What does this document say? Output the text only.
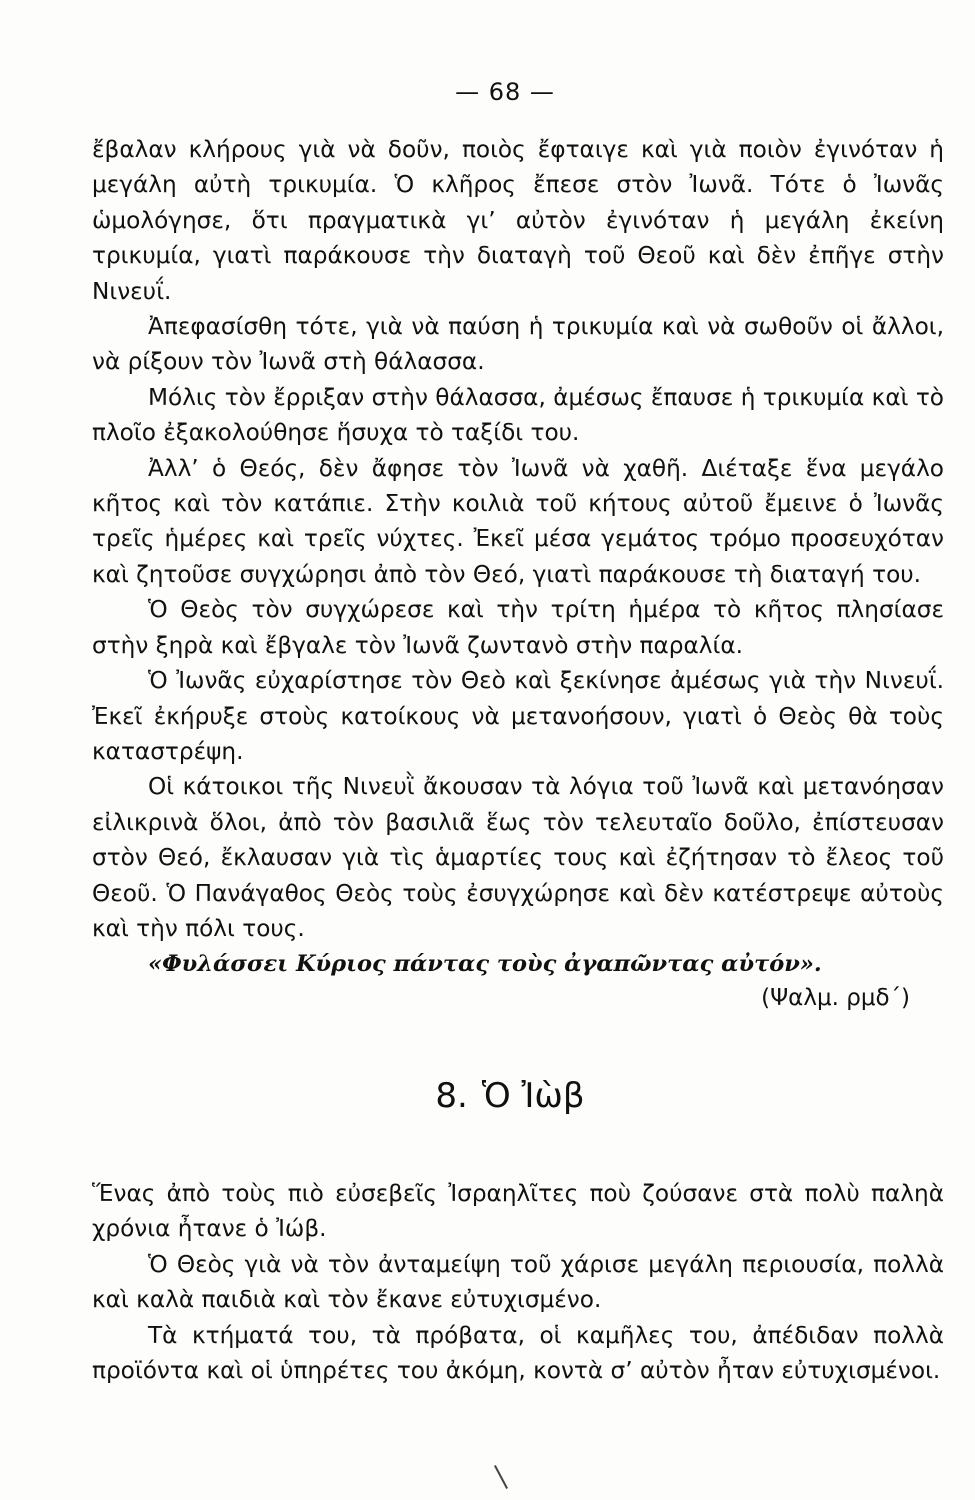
— 68 —

ἔβαλαν κλήρους γιὰ νὰ δοῦν, ποιὸς ἔφταιγε καὶ γιὰ ποιὸν ἐγινόταν ἡ μεγάλη αὐτὴ τρικυμία. Ὁ κλῆρος ἔπεσε στὸν Ἰωνᾶ. Τότε ὁ Ἰωνᾶς ὡμολόγησε, ὅτι πραγματικὰ γι’ αὐτὸν ἐγινόταν ἡ μεγάλη ἐκείνη τρικυμία, γιατὶ παράκουσε τὴν διαταγὴ τοῦ Θεοῦ καὶ δὲν ἐπῆγε στὴν Νινευΐ.

Ἀπεφασίσθη τότε, γιὰ νὰ παύση ἡ τρικυμία καὶ νὰ σωθοῦν οἱ ἄλλοι, νὰ ρίξουν τὸν Ἰωνᾶ στὴ θάλασσα.

Μόλις τὸν ἔρριξαν στὴν θάλασσα, ἀμέσως ἔπαυσε ἡ τρικυμία καὶ τὸ πλοῖο ἐξακολούθησε ἥσυχα τὸ ταξίδι του.

Ἀλλ’ ὁ Θεός, δὲν ἄφησε τὸν Ἰωνᾶ νὰ χαθῆ. Διέταξε ἕνα μεγάλο κῆτος καὶ τὸν κατάπιε. Στὴν κοιλιὰ τοῦ κήτους αὐτοῦ ἔμεινε ὁ Ἰωνᾶς τρεῖς ἡμέρες καὶ τρεῖς νύχτες. Ἐκεῖ μέσα γεμάτος τρόμο προσευχόταν καὶ ζητοῦσε συγχώρησι ἀπὸ τὸν Θεό, γιατὶ παράκουσε τὴ διαταγή του.

Ὁ Θεὸς τὸν συγχώρεσε καὶ τὴν τρίτη ἡμέρα τὸ κῆτος πλησίασε στὴν ξηρὰ καὶ ἔβγαλε τὸν Ἰωνᾶ ζωντανὸ στὴν παραλία.

Ὁ Ἰωνᾶς εὐχαρίστησε τὸν Θεὸ καὶ ξεκίνησε ἀμέσως γιὰ τὴν Νινευΐ. Ἐκεῖ ἐκήρυξε στοὺς κατοίκους νὰ μετανοήσουν, γιατὶ ὁ Θεὸς θὰ τοὺς καταστρέψη.

Οἱ κάτοικοι τῆς Νινευῒ ἄκουσαν τὰ λόγια τοῦ Ἰωνᾶ καὶ μετανόησαν εἰλικρινὰ ὅλοι, ἀπὸ τὸν βασιλιᾶ ἕως τὸν τελευταῖο δοῦλο, ἐπίστευσαν στὸν Θεό, ἔκλαυσαν γιὰ τὶς ἁμαρτίες τους καὶ ἐζήτησαν τὸ ἔλεος τοῦ Θεοῦ. Ὁ Πανάγαθος Θεὸς τοὺς ἐσυγχώρησε καὶ δὲν κατέστρεψε αὐτοὺς καὶ τὴν πόλι τους.

«Φυλάσσει Κύριος πάντας τοὺς ἀγαπῶντας αὐτόν».
(Ψαλμ. ρμδ΄)
8. Ὁ Ἰὼβ

Ἕνας ἀπὸ τοὺς πιὸ εὐσεβεῖς Ἰσραηλῖτες ποὺ ζούσανε στὰ πολὺ παληὰ χρόνια ἦτανε ὁ Ἰώβ.

Ὁ Θεὸς γιὰ νὰ τὸν ἀνταμείψη τοῦ χάρισε μεγάλη περιουσία, πολλὰ καὶ καλὰ παιδιὰ καὶ τὸν ἔκανε εὐτυχισμένο.

Τὰ κτήματά του, τὰ πρόβατα, οἱ καμῆλες του, ἀπέδιδαν πολλὰ προϊόντα καὶ οἱ ὑπηρέτες του ἀκόμη, κοντὰ σ’ αὐτὸν ἦταν εὐτυχισμένοι.
